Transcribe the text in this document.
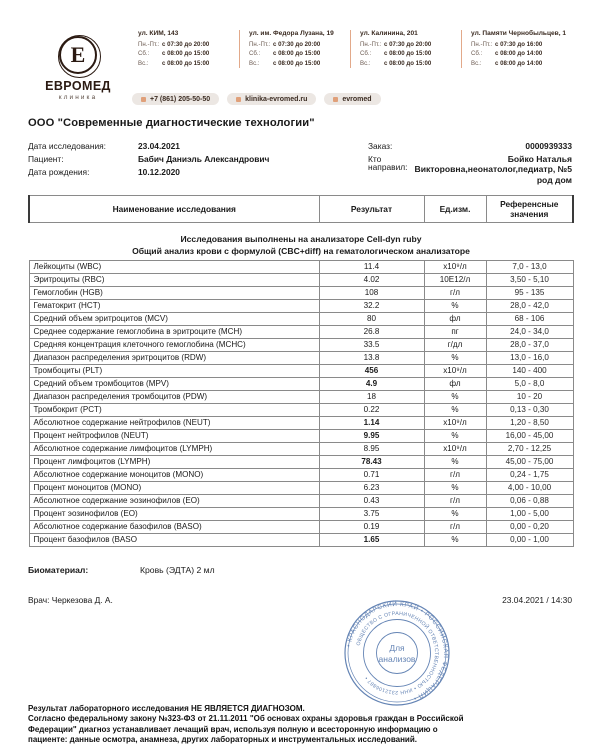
E
ЕВРОМЕД
клиника
ул. КИМ, 143
Пн.-Пт.: с 07:30 до 20:00
Сб.:	с 08:00 до 15:00
Вс.:	с 08:00 до 15:00
ул. им. Федора Лузана, 19
Пн.-Пт.: с 07:30 до 20:00
Сб.:	с 08:00 до 15:00
Вс.:	с 08:00 до 15:00
ул. Калинина, 201
Пн.-Пт.: с 07:30 до 20:00
Сб.:	с 08:00 до 15:00
Вс.:	с 08:00 до 15:00
ул. Памяти Чернобыльцев, 1
Пн.-Пт.: с 07:30 до 16:00
Сб.:	с 08:00 до 14:00
Вс.:	с 08:00 до 14:00
+7 (861) 205-50-50	klinika-evromed.ru	evromed
ООО "Современные диагностические технологии"
Дата исследования:	23.04.2021
Пациент:	Бабич Даниэль Александрович
Дата рождения:	10.12.2020
Заказ:	0000939333
Кто
направил:
Бойко Наталья
Викторовна,неонатолог,педиатр, №5
род дом
Наименование исследования	Результат	Ед.изм.	Референсные значения

Исследования выполнены на анализаторе Cell-dyn ruby			
Общий анализ крови с формулой (CBC+diff) на гематологическом анализаторе			
Лейкоциты (WBC)	11.4	x10⁹/л	7,0 - 13,0
Эритроциты (RBC)	4.02	10E12/л	3,50 - 5,10
Гемоглобин (HGB)	108	г/л	95 - 135
Гематокрит (HCT)	32.2	%	28,0 - 42,0
Средний объем эритроцитов (MCV)	80	фл	68 - 106
Среднее содержание гемоглобина в эритроците (MCH)	26.8	пг	24,0 - 34,0
Средняя концентрация клеточного гемоглобина (MCHC)	33.5	г/дл	28,0 - 37,0
Диапазон распределения эритроцитов (RDW)	13.8	%	13,0 - 16,0
Тромбоциты (PLT)	456	x10⁹/л	140 - 400
Средний объем тромбоцитов (MPV)	4.9	фл	5,0 - 8,0
Диапазон распределения тромбоцитов (PDW)	18	%	10 - 20
Тромбокрит (PCT)	0.22	%	0,13 - 0,30
Абсолютное содержание нейтрофилов (NEUT)	1.14	x10⁹/л	1,20 - 8,50
Процент нейтрофилов (NEUT)	9.95	%	16,00 - 45,00
Абсолютное содержание лимфоцитов (LYMPH)	8.95	x10⁹/л	2,70 - 12,25
Процент лимфоцитов (LYMPH)	78.43	%	45,00 - 75,00
Абсолютное содержание моноцитов (MONO)	0.71	г/л	0,24 - 1,75
Процент моноцитов (MONO)	6.23	%	4,00 - 10,00
Абсолютное содержание эозинофилов (EO)	0.43	г/л	0,06 - 0,88
Процент эозинофилов (EO)	3.75	%	1,00 - 5,00
Абсолютное содержание базофилов (BASO)	0.19	г/л	0,00 - 0,20
Процент базофилов (BASO	1.65	%	0,00 - 1,00
Биоматериал:	Кровь (ЭДТА) 2 мл
Врач: Черкезова Д. А.	23.04.2021 / 14:30
• КРАСНОДАРСКИЙ КРАЙ • РОССИЙСКАЯ ФЕДЕРАЦИЯ •
ОБЩЕСТВО С ОГРАНИЧЕННОЙ ОТВЕТСТВЕННОСТЬЮ • ИНН 2312106887 •
Для
анализов

Результат лабораторного исследования НЕ ЯВЛЯЕТСЯ ДИАГНОЗОМ.

Согласно федеральному закону №323-ФЗ от 21.11.2011 "Об основах охраны здоровья граждан в Российской

Федерации" диагноз устанавливает лечащий врач, используя полную и всесторонную информацию о

пациенте: данные осмотра, анамнеза, других лабораторных и инструментальных исследований.
